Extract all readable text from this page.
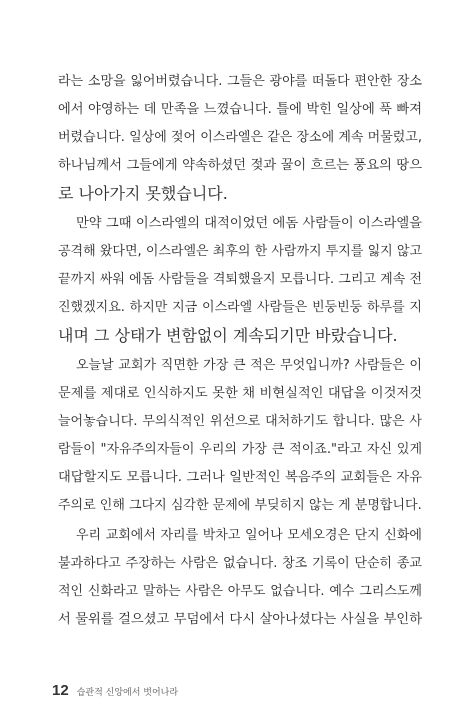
라는 소망을 잃어버렸습니다. 그들은 광야를 떠돌다 편안한 장소
에서 야영하는 데 만족을 느꼈습니다. 틀에 박힌 일상에 푹 빠져
버렸습니다. 일상에 젖어 이스라엘은 같은 장소에 계속 머물렀고,
하나님께서 그들에게 약속하셨던 젖과 꿀이 흐르는 풍요의 땅으
로 나아가지 못했습니다.
만약 그때 이스라엘의 대적이었던 에돔 사람들이 이스라엘을
공격해 왔다면, 이스라엘은 최후의 한 사람까지 투지를 잃지 않고
끝까지 싸워 에돔 사람들을 격퇴했을지 모릅니다. 그리고 계속 전
진했겠지요. 하지만 지금 이스라엘 사람들은 빈둥빈둥 하루를 지
내며 그 상태가 변함없이 계속되기만 바랐습니다.
오늘날 교회가 직면한 가장 큰 적은 무엇입니까? 사람들은 이
문제를 제대로 인식하지도 못한 채 비현실적인 대답을 이것저것
늘어놓습니다. 무의식적인 위선으로 대처하기도 합니다. 많은 사
람들이 "자유주의자들이 우리의 가장 큰 적이죠."라고 자신 있게
대답할지도 모릅니다. 그러나 일반적인 복음주의 교회들은 자유
주의로 인해 그다지 심각한 문제에 부딪히지 않는 게 분명합니다.
우리 교회에서 자리를 박차고 일어나 모세오경은 단지 신화에
불과하다고 주장하는 사람은 없습니다. 창조 기록이 단순히 종교
적인 신화라고 말하는 사람은 아무도 없습니다. 예수 그리스도께
서 물위를 걸으셨고 무덤에서 다시 살아나셨다는 사실을 부인하
12 습관적 신앙에서 벗어나라
